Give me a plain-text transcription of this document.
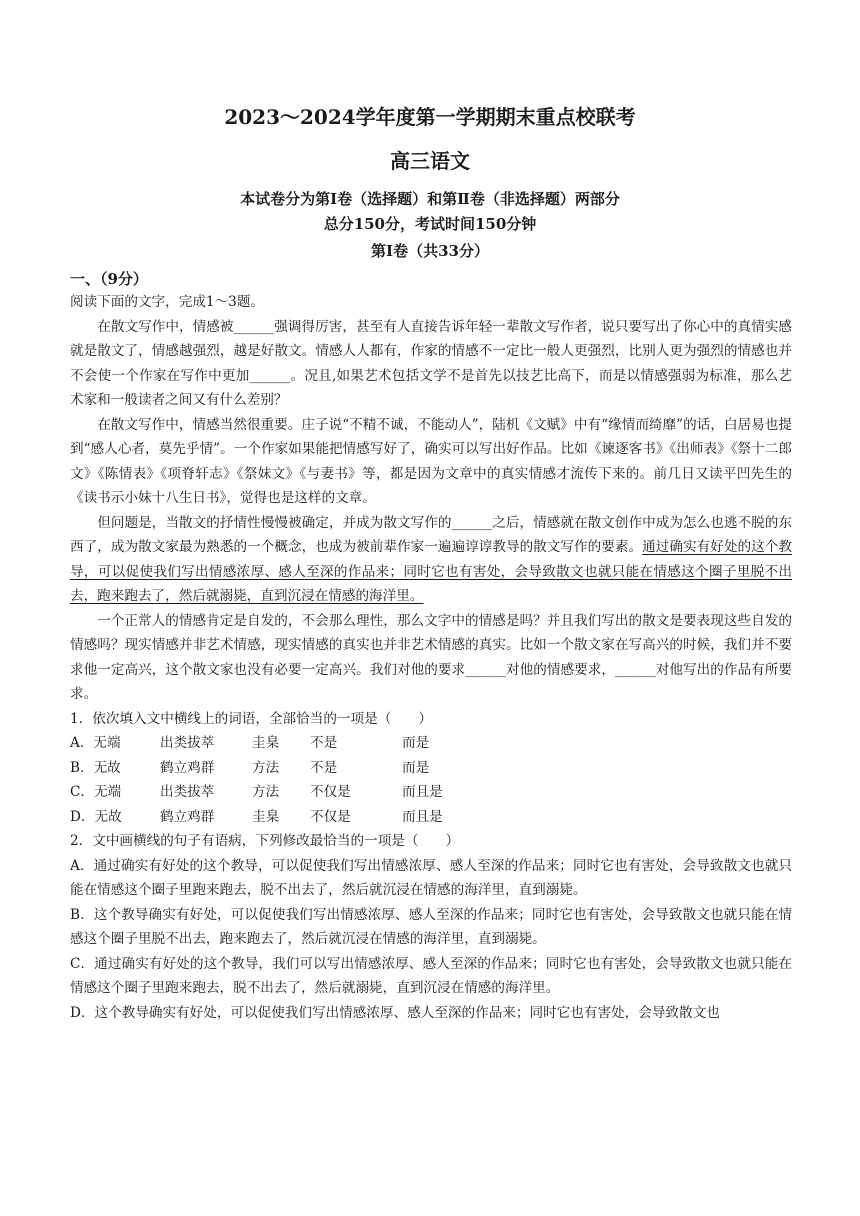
2023～2024学年度第一学期期末重点校联考
高三语文
本试卷分为第Ⅰ卷（选择题）和第Ⅱ卷（非选择题）两部分
总分150分，考试时间150分钟
第Ⅰ卷（共33分）
一、（9分）
阅读下面的文字，完成1～3题。

在散文写作中，情感被______强调得厉害，甚至有人直接告诉年轻一辈散文写作者，说只要写出了你心中的真情实感就是散文了，情感越强烈，越是好散文。情感人人都有，作家的情感不一定比一般人更强烈，比别人更为强烈的情感也并不会使一个作家在写作中更加______。况且,如果艺术包括文学不是首先以技艺比高下，而是以情感强弱为标准，那么艺术家和一般读者之间又有什么差别？

在散文写作中，情感当然很重要。庄子说“不精不诚，不能动人”，陆机《文赋》中有“缘情而绮靡”的话，白居易也提到“感人心者，莫先乎情”。一个作家如果能把情感写好了，确实可以写出好作品。比如《谏逐客书》《出师表》《祭十二郎文》《陈情表》《项脊轩志》《祭妹文》《与妻书》等，都是因为文章中的真实情感才流传下来的。前几日又读平凹先生的《读书示小妹十八生日书》，觉得也是这样的文章。

但问题是，当散文的抒情性慢慢被确定，并成为散文写作的______之后，情感就在散文创作中成为怎么也逃不脱的东西了，成为散文家最为熟悉的一个概念，也成为被前辈作家一遍遍谆谆教导的散文写作的要素。通过确实有好处的这个教导，可以促使我们写出情感浓厚、感人至深的作品来；同时它也有害处，会导致散文也就只能在情感这个圈子里脱不出去，跑来跑去了，然后就溺毙，直到沉浸在情感的海洋里。

一个正常人的情感肯定是自发的，不会那么理性，那么文字中的情感是吗？并且我们写出的散文是要表现这些自发的情感吗？现实情感并非艺术情感，现实情感的真实也并非艺术情感的真实。比如一个散文家在写高兴的时候，我们并不要求他一定高兴，这个散文家也没有必要一定高兴。我们对他的要求______对他的情感要求，______对他写出的作品有所要求。

1．依次填入文中横线上的词语，全部恰当的一项是（　　）
A．无端	出类拔萃	圭臬	不是	而是
B．无故	鹤立鸡群	方法	不是	而是
C．无端	出类拔萃	方法	不仅是	而且是
D．无故	鹤立鸡群	圭臬	不仅是	而且是
2．文中画横线的句子有语病，下列修改最恰当的一项是（　　）

A．通过确实有好处的这个教导，可以促使我们写出情感浓厚、感人至深的作品来；同时它也有害处，会导致散文也就只能在情感这个圈子里跑来跑去，脱不出去了，然后就沉浸在情感的海洋里，直到溺毙。

B．这个教导确实有好处，可以促使我们写出情感浓厚、感人至深的作品来；同时它也有害处，会导致散文也就只能在情感这个圈子里脱不出去，跑来跑去了，然后就沉浸在情感的海洋里，直到溺毙。

C．通过确实有好处的这个教导，我们可以写出情感浓厚、感人至深的作品来；同时它也有害处，会导致散文也就只能在情感这个圈子里跑来跑去，脱不出去了，然后就溺毙，直到沉浸在情感的海洋里。

D．这个教导确实有好处，可以促使我们写出情感浓厚、感人至深的作品来；同时它也有害处，会导致散文也
